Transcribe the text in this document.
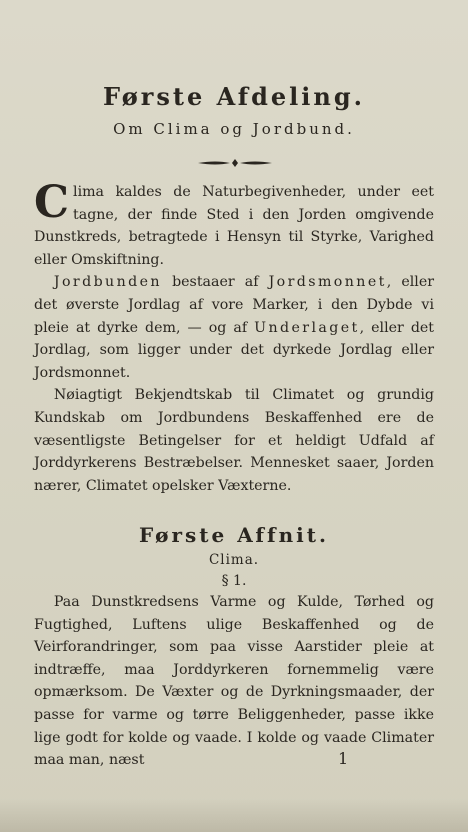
Første Afdeling.
Om Clima og Jordbund.

Clima kaldes de Naturbegivenheder, under eet tagne, der finde Sted i den Jorden omgivende Dunstkreds, betragtede i Hensyn til Styrke, Varighed eller Omskiftning.

Jordbunden bestaaer af Jordsmonnet, eller det øverste Jordlag af vore Marker, i den Dybde vi pleie at dyrke dem, — og af Underlaget, eller det Jordlag, som ligger under det dyrkede Jordlag eller Jordsmonnet.

Nøiagtigt Bekjendtskab til Climatet og grundig Kundskab om Jordbundens Beskaffenhed ere de væsentligste Betingelser for et heldigt Udfald af Jorddyrkerens Bestræbelser. Mennesket saaer, Jorden nærer, Climatet opelsker Væxterne.

Første Affnit.
Clima.
§ 1.

Paa Dunstkredsens Varme og Kulde, Tørhed og Fugtighed, Luftens ulige Beskaffenhed og de Veirforandringer, som paa visse Aarstider pleie at indtræffe, maa Jorddyrkeren fornemmelig være opmærksom. De Væxter og de Dyrkningsmaader, der passe for varme og tørre Beliggenheder, passe ikke lige godt for kolde og vaade. I kolde og vaade Climater maa man, næst	1
